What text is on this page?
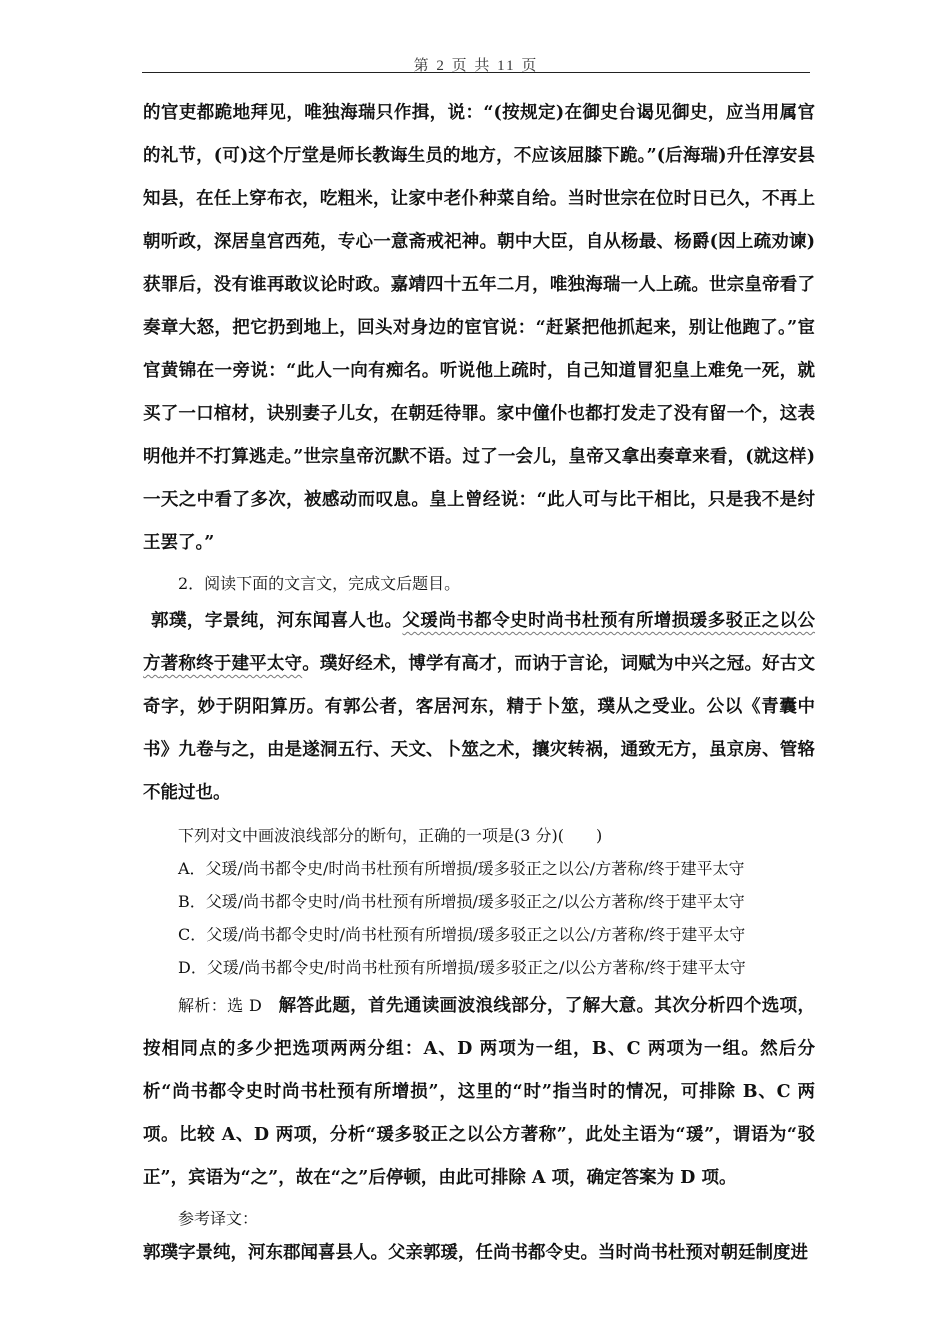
第 2 页 共 11 页

的官吏都跪地拜见，唯独海瑞只作揖，说：“(按规定)在御史台谒见御史，应当用属官的礼节，(可)这个厅堂是师长教诲生员的地方，不应该屈膝下跪。”(后海瑞)升任淳安县知县，在任上穿布衣，吃粗米，让家中老仆种菜自给。当时世宗在位时日已久，不再上朝听政，深居皇宫西苑，专心一意斋戒祀神。朝中大臣，自从杨最、杨爵(因上疏劝谏)获罪后，没有谁再敢议论时政。嘉靖四十五年二月，唯独海瑞一人上疏。世宗皇帝看了奏章大怒，把它扔到地上，回头对身边的宦官说：“赶紧把他抓起来，别让他跑了。”宦官黄锦在一旁说：“此人一向有痴名。听说他上疏时，自己知道冒犯皇上难免一死，就买了一口棺材，诀别妻子儿女，在朝廷待罪。家中僮仆也都打发走了没有留一个，这表明他并不打算逃走。”世宗皇帝沉默不语。过了一会儿，皇帝又拿出奏章来看，(就这样)一天之中看了多次，被感动而叹息。皇上曾经说：“此人可与比干相比，只是我不是纣王罢了。”

2．阅读下面的文言文，完成文后题目。

郭璞，字景纯，河东闻喜人也。父瑗尚书都令史时尚书杜预有所增损瑗多驳正之以公方著称终于建平太守。璞好经术，博学有高才，而讷于言论，词赋为中兴之冠。好古文奇字，妙于阴阳算历。有郭公者，客居河东，精于卜筮，璞从之受业。公以《青囊中书》九卷与之，由是遂洞五行、天文、卜筮之术，攘灾转祸，通致无方，虽京房、管辂不能过也。

下列对文中画波浪线部分的断句，正确的一项是(3 分)(　　)

A．父瑗/尚书都令史/时尚书杜预有所增损/瑗多驳正之以公/方著称/终于建平太守

B．父瑗/尚书都令史时/尚书杜预有所增损/瑗多驳正之/以公方著称/终于建平太守

C．父瑗/尚书都令史时/尚书杜预有所增损/瑗多驳正之以公/方著称/终于建平太守

D．父瑗/尚书都令史/时尚书杜预有所增损/瑗多驳正之/以公方著称/终于建平太守

解析：选 D　解答此题，首先通读画波浪线部分，了解大意。其次分析四个选项，按相同点的多少把选项两两分组：A、D 两项为一组，B、C 两项为一组。然后分析“尚书都令史时尚书杜预有所增损”，这里的“时”指当时的情况，可排除 B、C 两项。比较 A、D 两项，分析“瑗多驳正之以公方著称”，此处主语为“瑗”，谓语为“驳正”，宾语为“之”，故在“之”后停顿，由此可排除 A 项，确定答案为 D 项。

参考译文：

郭璞字景纯，河东郡闻喜县人。父亲郭瑗，任尚书都令史。当时尚书杜预对朝廷制度进
